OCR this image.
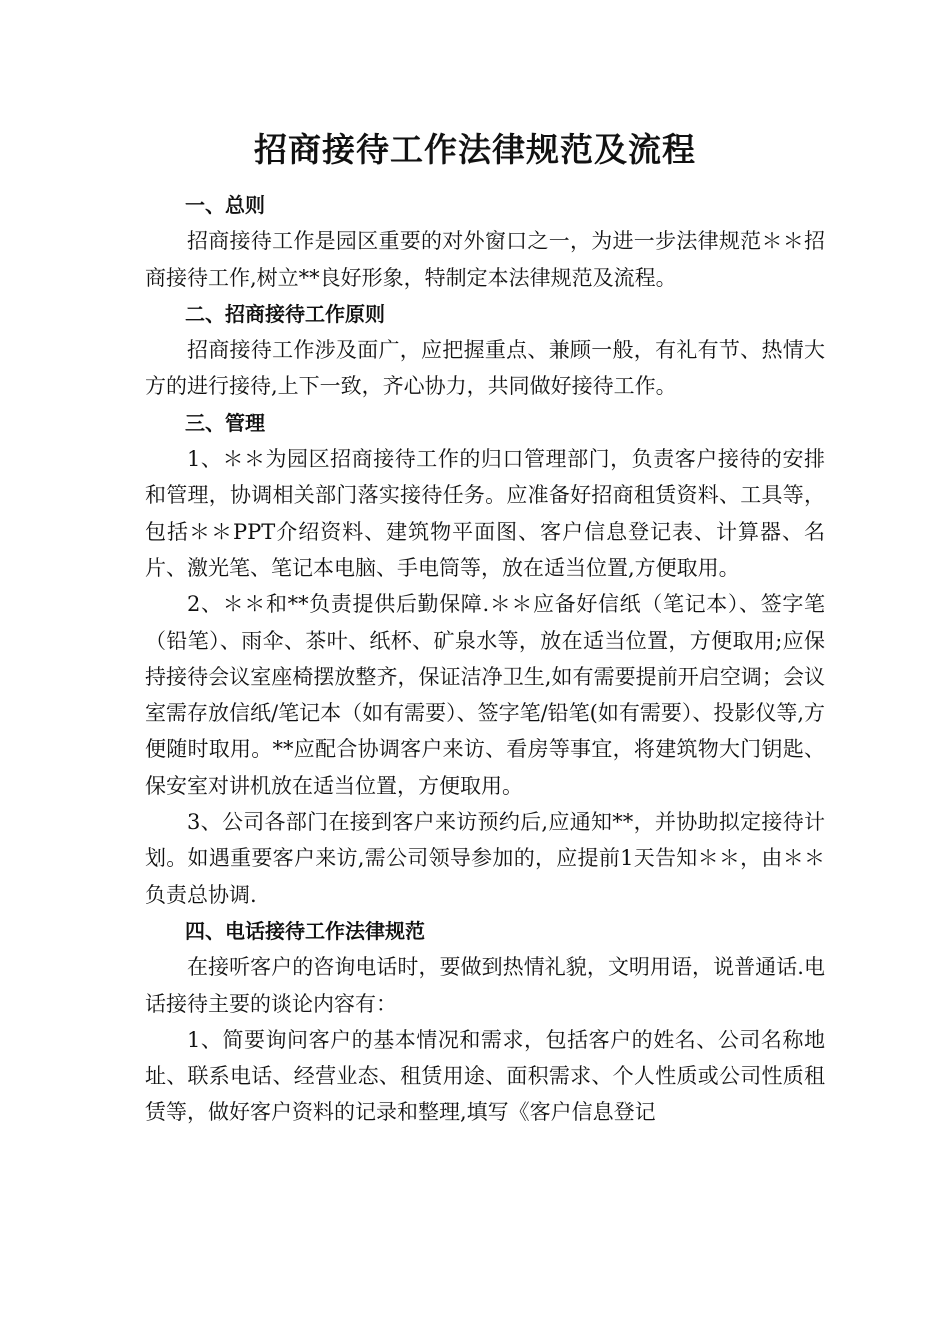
招商接待工作法律规范及流程
一、总则

招商接待工作是园区重要的对外窗口之一，为进一步法律规范＊＊招商接待工作,树立**良好形象，特制定本法律规范及流程。

二、招商接待工作原则

招商接待工作涉及面广，应把握重点、兼顾一般，有礼有节、热情大方的进行接待,上下一致，齐心协力，共同做好接待工作。

三、管理

1、＊＊为园区招商接待工作的归口管理部门，负责客户接待的安排和管理，协调相关部门落实接待任务。应准备好招商租赁资料、工具等，包括＊＊PPT介绍资料、建筑物平面图、客户信息登记表、计算器、名片、激光笔、笔记本电脑、手电筒等，放在适当位置,方便取用。

2、＊＊和**负责提供后勤保障.＊＊应备好信纸（笔记本）、签字笔（铅笔）、雨伞、茶叶、纸杯、矿泉水等，放在适当位置，方便取用;应保持接待会议室座椅摆放整齐，保证洁净卫生,如有需要提前开启空调；会议室需存放信纸/笔记本（如有需要）、签字笔/铅笔(如有需要）、投影仪等,方便随时取用。**应配合协调客户来访、看房等事宜，将建筑物大门钥匙、保安室对讲机放在适当位置，方便取用。

3、公司各部门在接到客户来访预约后,应通知**，并协助拟定接待计划。如遇重要客户来访,需公司领导参加的，应提前1天告知＊＊，由＊＊负责总协调.

四、电话接待工作法律规范

在接听客户的咨询电话时，要做到热情礼貌，文明用语，说普通话.电话接待主要的谈论内容有：

1、简要询问客户的基本情况和需求，包括客户的姓名、公司名称地址、联系电话、经营业态、租赁用途、面积需求、个人性质或公司性质租赁等，做好客户资料的记录和整理,填写《客户信息登记
